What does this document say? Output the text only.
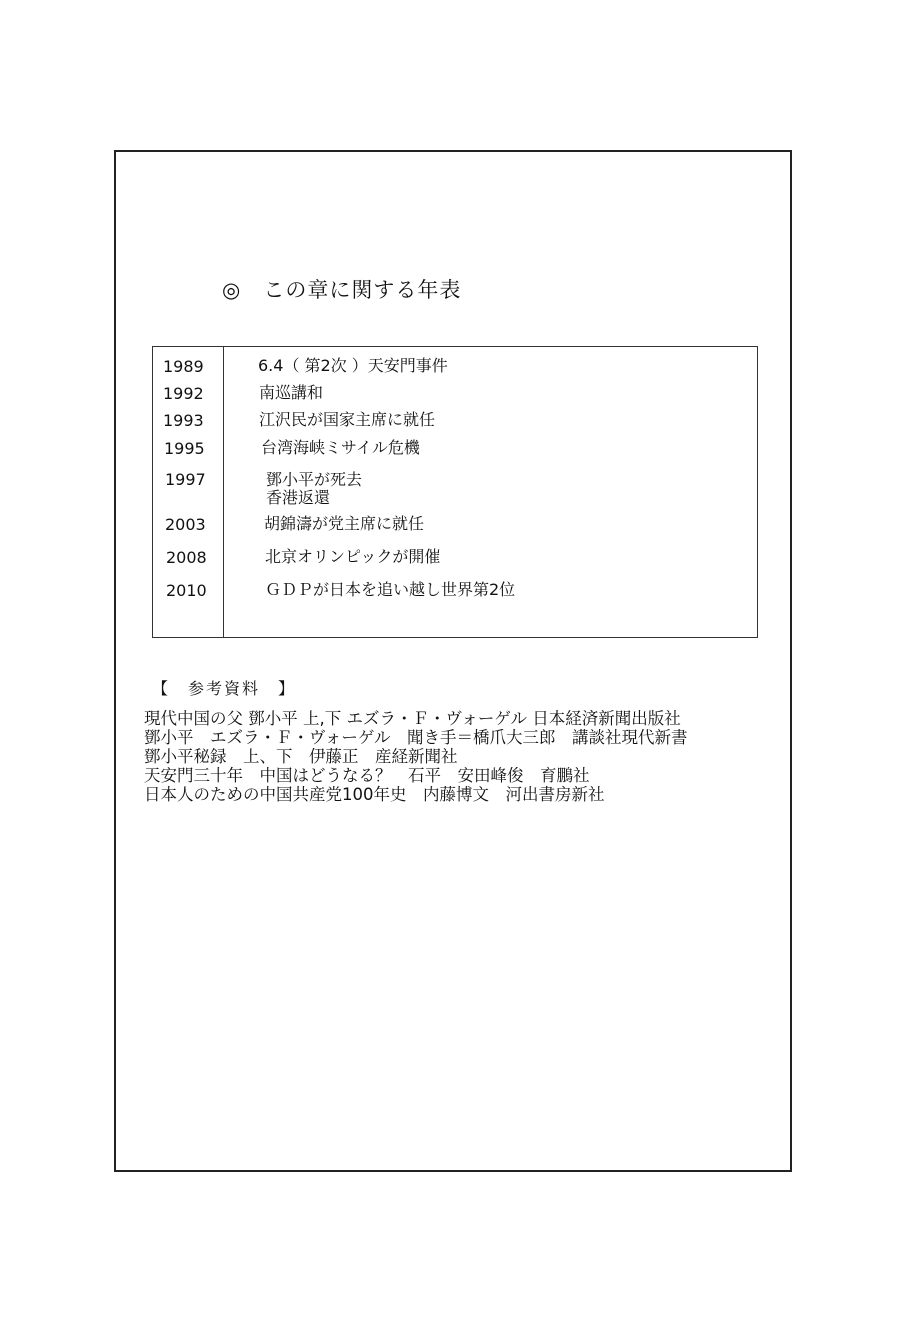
◎ この章に関する年表
1989	6.4（ 第2次 ）天安門事件
1992	南巡講和
1993	江沢民が国家主席に就任
1995	台湾海峡ミサイル危機
1997	鄧小平が死去
香港返還
2003	胡錦濤が党主席に就任
2008	北京オリンピックが開催
2010	ＧＤＰが日本を追い越し世界第2位
【　参考資料　】
現代中国の父 鄧小平 上,下 エズラ・Ｆ・ヴォーゲル 日本経済新聞出版社
鄧小平　エズラ・Ｆ・ヴォーゲル　聞き手＝橋爪大三郎　講談社現代新書
鄧小平秘録　上、下　伊藤正　産経新聞社
天安門三十年　中国はどうなる？　石平　安田峰俊　育鵬社
日本人のための中国共産党100年史　内藤博文　河出書房新社
